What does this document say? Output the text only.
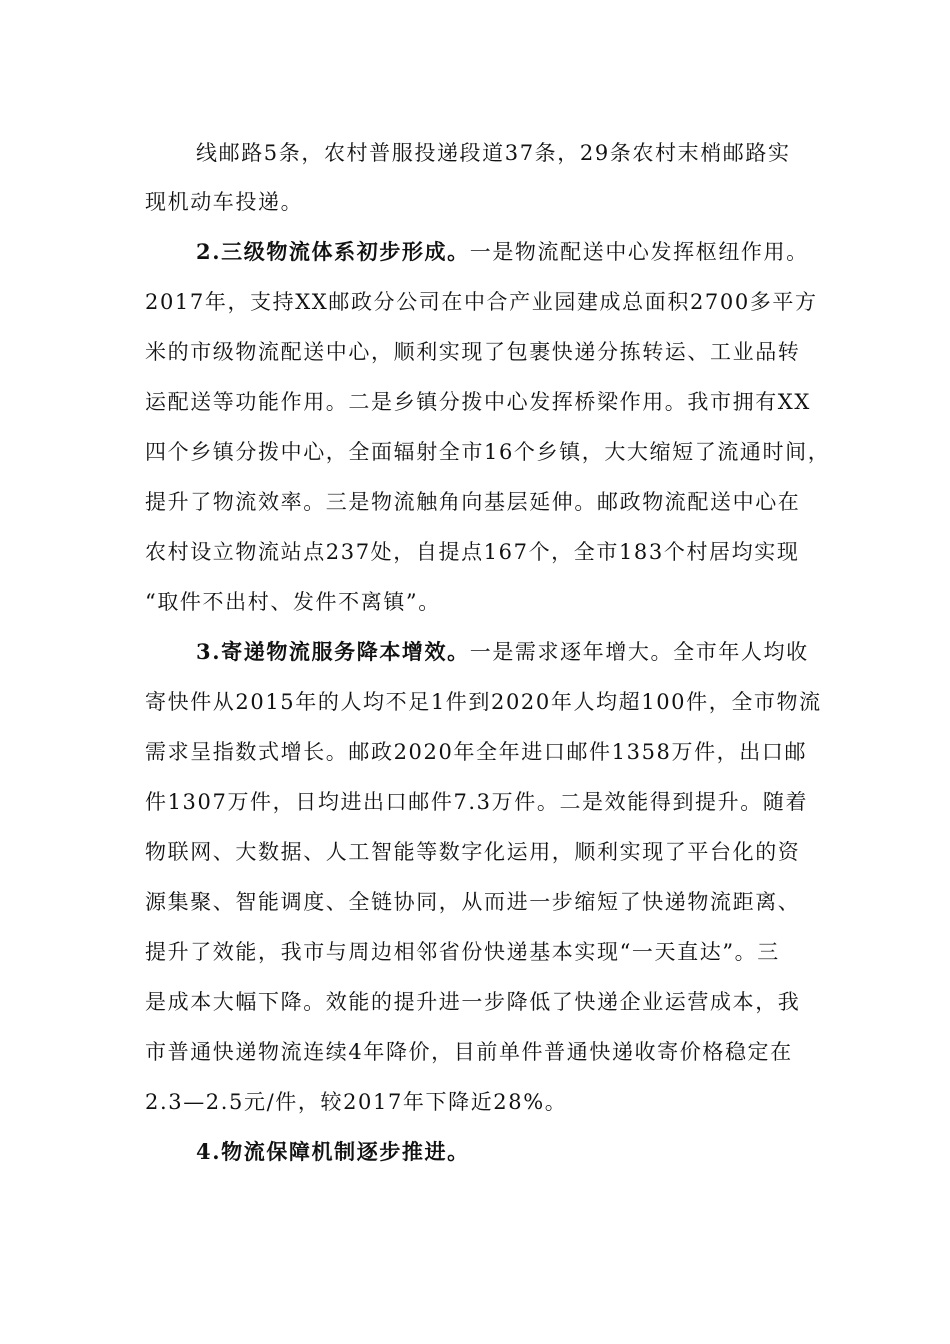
线邮路5条，农村普服投递段道37条，29条农村末梢邮路实
现机动车投递。
2.三级物流体系初步形成。一是物流配送中心发挥枢纽作用。
2017年，支持XX邮政分公司在中合产业园建成总面积2700多平方
米的市级物流配送中心，顺利实现了包裹快递分拣转运、工业品转
运配送等功能作用。二是乡镇分拨中心发挥桥梁作用。我市拥有XX
四个乡镇分拨中心，全面辐射全市16个乡镇，大大缩短了流通时间，
提升了物流效率。三是物流触角向基层延伸。邮政物流配送中心在
农村设立物流站点237处，自提点167个，全市183个村居均实现
“取件不出村、发件不离镇”。
3.寄递物流服务降本增效。一是需求逐年增大。全市年人均收
寄快件从2015年的人均不足1件到2020年人均超100件，全市物流
需求呈指数式增长。邮政2020年全年进口邮件1358万件，出口邮
件1307万件，日均进出口邮件7.3万件。二是效能得到提升。随着
物联网、大数据、人工智能等数字化运用，顺利实现了平台化的资
源集聚、智能调度、全链协同，从而进一步缩短了快递物流距离、
提升了效能，我市与周边相邻省份快递基本实现“一天直达”。三
是成本大幅下降。效能的提升进一步降低了快递企业运营成本，我
市普通快递物流连续4年降价，目前单件普通快递收寄价格稳定在
2.3—2.5元/件，较2017年下降近28%。
4.物流保障机制逐步推进。
